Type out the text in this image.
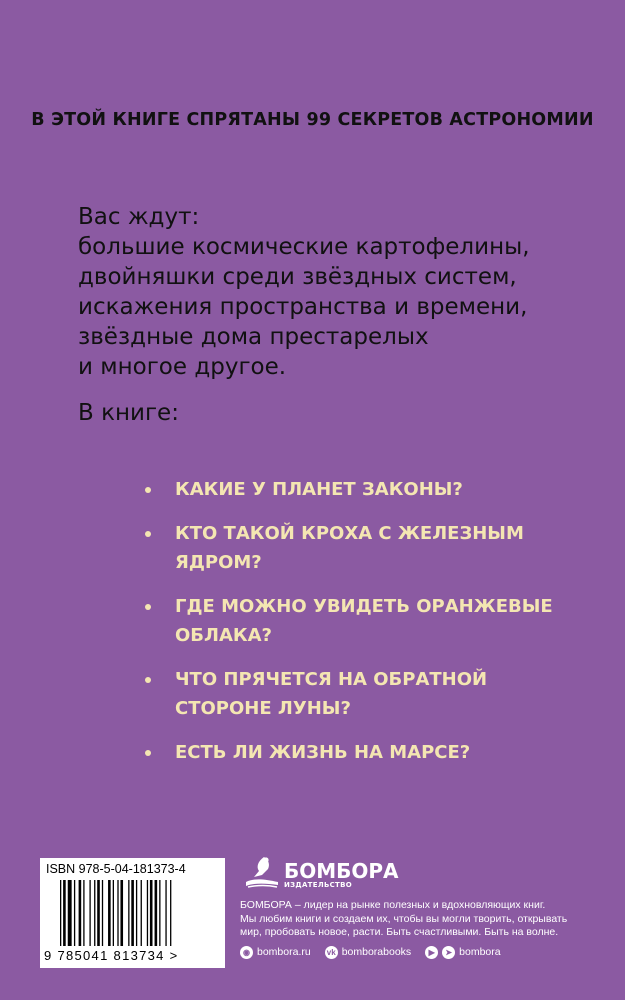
В ЭТОЙ КНИГЕ СПРЯТАНЫ 99 СЕКРЕТОВ АСТРОНОМИИ
Вас ждут:
большие космические картофелины,
двойняшки среди звёздных систем,
искажения пространства и времени,
звёздные дома престарелых
и многое другое.
В книге:
КАКИЕ У ПЛАНЕТ ЗАКОНЫ?
КТО ТАКОЙ КРОХА С ЖЕЛЕЗНЫМ
ЯДРОМ?
ГДЕ МОЖНО УВИДЕТЬ ОРАНЖЕВЫЕ
ОБЛАКА?
ЧТО ПРЯЧЕТСЯ НА ОБРАТНОЙ
СТОРОНЕ ЛУНЫ?
ЕСТЬ ЛИ ЖИЗНЬ НА МАРСЕ?
ISBN 978-5-04-181373-4
9 785041 813734 >
БОМБОРА
ИЗДАТЕЛЬСТВО
БОМБОРА – лидер на рынке полезных и вдохновляющих книг.
Мы любим книги и создаем их, чтобы вы могли творить, открывать
мир, пробовать новое, расти. Быть счастливыми. Быть на волне.
◉ bombora.ru vk bomborabooks	▶	➤ bombora
